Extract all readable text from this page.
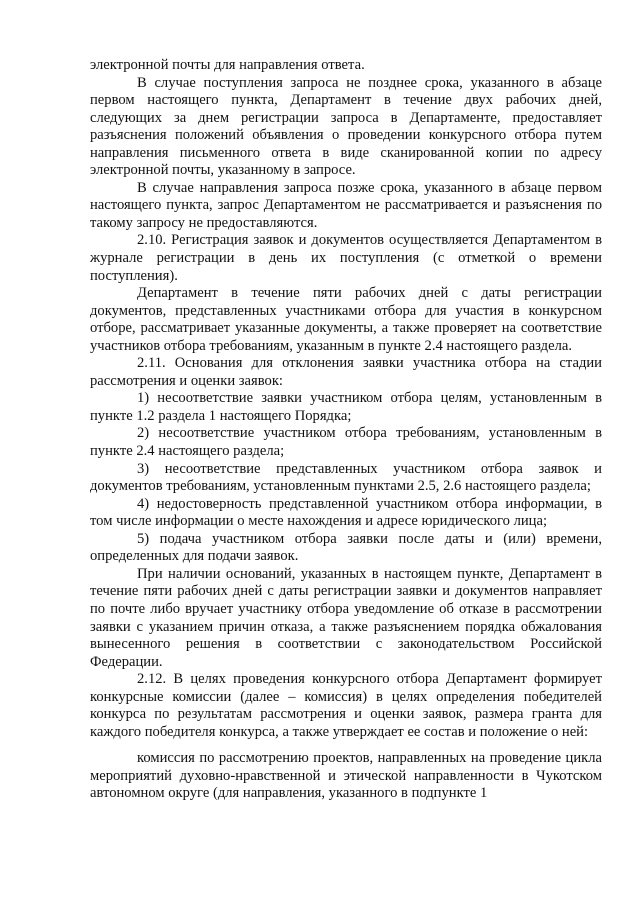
электронной почты для направления ответа.

В случае поступления запроса не позднее срока, указанного в абзаце первом настоящего пункта, Департамент в течение двух рабочих дней, следующих за днем регистрации запроса в Департаменте, предоставляет разъяснения положений объявления о проведении конкурсного отбора путем направления письменного ответа в виде сканированной копии по адресу электронной почты, указанному в запросе.

В случае направления запроса позже срока, указанного в абзаце первом настоящего пункта, запрос Департаментом не рассматривается и разъяснения по такому запросу не предоставляются.

2.10. Регистрация заявок и документов осуществляется Департаментом в журнале регистрации в день их поступления (с отметкой о времени поступления).

Департамент в течение пяти рабочих дней с даты регистрации документов, представленных участниками отбора для участия в конкурсном отборе, рассматривает указанные документы, а также проверяет на соответствие участников отбора требованиям, указанным в пункте 2.4 настоящего раздела.

2.11. Основания для отклонения заявки участника отбора на стадии рассмотрения и оценки заявок:

1) несоответствие заявки участником отбора целям, установленным в пункте 1.2 раздела 1 настоящего Порядка;

2) несоответствие участником отбора требованиям, установленным в пункте 2.4 настоящего раздела;

3) несоответствие представленных участником отбора заявок и документов требованиям, установленным пунктами 2.5, 2.6 настоящего раздела;

4) недостоверность представленной участником отбора информации, в том числе информации о месте нахождения и адресе юридического лица;

5) подача участником отбора заявки после даты и (или) времени, определенных для подачи заявок.

При наличии оснований, указанных в настоящем пункте, Департамент в течение пяти рабочих дней с даты регистрации заявки и документов направляет по почте либо вручает участнику отбора уведомление об отказе в рассмотрении заявки с указанием причин отказа, а также разъяснением порядка обжалования вынесенного решения в соответствии с законодательством Российской Федерации.

2.12. В целях проведения конкурсного отбора Департамент формирует конкурсные комиссии (далее – комиссия) в целях определения победителей конкурса по результатам рассмотрения и оценки заявок, размера гранта для каждого победителя конкурса, а также утверждает ее состав и положение о ней:

комиссия по рассмотрению проектов, направленных на проведение цикла мероприятий духовно-нравственной и этической направленности в Чукотском автономном округе (для направления, указанного в подпункте 1
